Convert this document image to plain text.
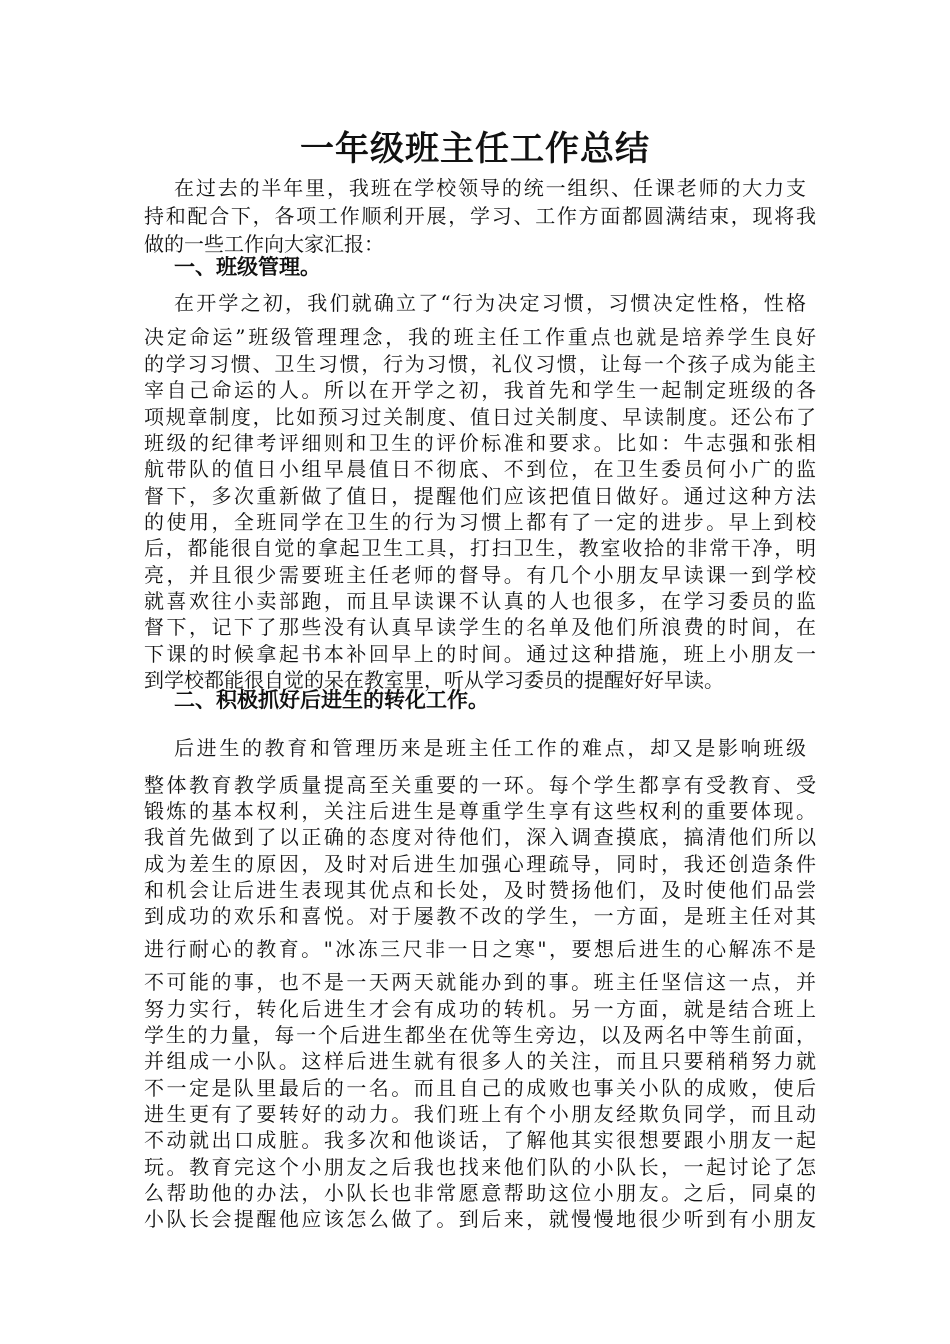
一年级班主任工作总结
在过去的半年里，我班在学校领导的统一组织、任课老师的大力支
持和配合下，各项工作顺利开展，学习、工作方面都圆满结束，现将我
做的一些工作向大家汇报：
一、班级管理。
在开学之初，我们就确立了“行为决定习惯，习惯决定性格，性格
决定命运”班级管理理念，我的班主任工作重点也就是培养学生良好
的学习习惯、卫生习惯，行为习惯，礼仪习惯，让每一个孩子成为能主
宰自己命运的人。所以在开学之初，我首先和学生一起制定班级的各
项规章制度，比如预习过关制度、值日过关制度、早读制度。还公布了
班级的纪律考评细则和卫生的评价标准和要求。比如：牛志强和张相
航带队的值日小组早晨值日不彻底、不到位，在卫生委员何小广的监
督下，多次重新做了值日，提醒他们应该把值日做好。通过这种方法
的使用，全班同学在卫生的行为习惯上都有了一定的进步。早上到校
后，都能很自觉的拿起卫生工具，打扫卫生，教室收拾的非常干净，明
亮，并且很少需要班主任老师的督导。有几个小朋友早读课一到学校
就喜欢往小卖部跑，而且早读课不认真的人也很多，在学习委员的监
督下，记下了那些没有认真早读学生的名单及他们所浪费的时间，在
下课的时候拿起书本补回早上的时间。通过这种措施，班上小朋友一
到学校都能很自觉的呆在教室里，听从学习委员的提醒好好早读。
二、积极抓好后进生的转化工作。
后进生的教育和管理历来是班主任工作的难点，却又是影响班级
整体教育教学质量提高至关重要的一环。每个学生都享有受教育、受
锻炼的基本权利，关注后进生是尊重学生享有这些权利的重要体现。
我首先做到了以正确的态度对待他们，深入调查摸底，搞清他们所以
成为差生的原因，及时对后进生加强心理疏导，同时，我还创造条件
和机会让后进生表现其优点和长处，及时赞扬他们，及时使他们品尝
到成功的欢乐和喜悦。对于屡教不改的学生，一方面，是班主任对其
进行耐心的教育。"冰冻三尺非一日之寒"，要想后进生的心解冻不是
不可能的事，也不是一天两天就能办到的事。班主任坚信这一点，并
努力实行，转化后进生才会有成功的转机。另一方面，就是结合班上
学生的力量，每一个后进生都坐在优等生旁边，以及两名中等生前面，
并组成一小队。这样后进生就有很多人的关注，而且只要稍稍努力就
不一定是队里最后的一名。而且自己的成败也事关小队的成败，使后
进生更有了要转好的动力。我们班上有个小朋友经欺负同学，而且动
不动就出口成脏。我多次和他谈话，了解他其实很想要跟小朋友一起
玩。教育完这个小朋友之后我也找来他们队的小队长，一起讨论了怎
么帮助他的办法，小队长也非常愿意帮助这位小朋友。之后，同桌的
小队长会提醒他应该怎么做了。到后来，就慢慢地很少听到有小朋友
